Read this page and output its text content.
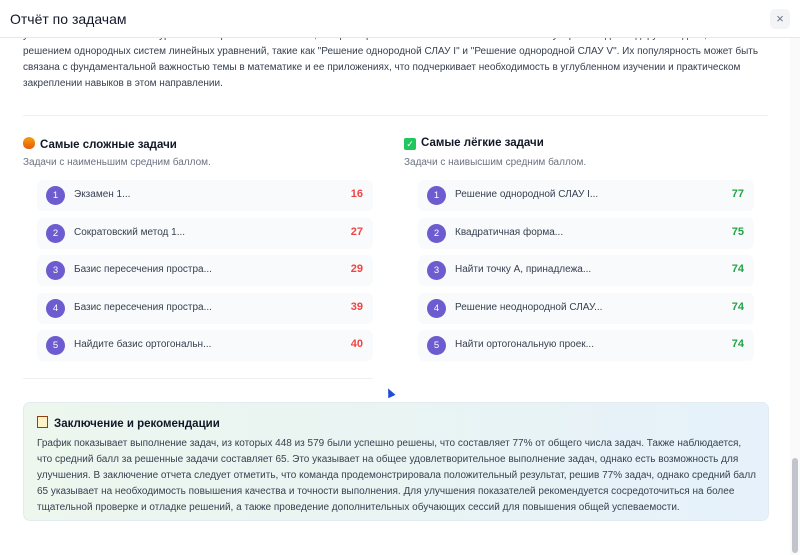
Отчёт по задачам	×
решением однородных систем линейных уравнений, такие как "Решение однородной СЛАУ I" и "Решение однородной СЛАУ V". Их популярность может быть связана с фундаментальной важностью темы в математике и ее приложениях, что подчеркивает необходимость в углубленном изучении и практическом закреплении навыков в этом направлении.
Самые сложные задачи
Задачи с наименьшим средним баллом.
1	Экзамен 1...	16
2	Сократовский метод 1...	27
3	Базис пересечения простра...	29
4	Базис пересечения простра...	39
5	Найдите базис ортогональн...	40
✓ Самые лёгкие задачи
Задачи с наивысшим средним баллом.
1	Решение однородной СЛАУ I...	77
2	Квадратичная форма...	75
3	Найти точку A, принадлежа...	74
4	Решение неоднородной СЛАУ...	74
5	Найти ортогональную проек...	74
Заключение и рекомендации
График показывает выполнение задач, из которых 448 из 579 были успешно решены, что составляет 77% от общего числа задач. Также наблюдается, что средний балл за решенные задачи составляет 65. Это указывает на общее удовлетворительное выполнение задач, однако есть возможность для улучшения. В заключение отчета следует отметить, что команда продемонстрировала положительный результат, решив 77% задач, однако средний балл 65 указывает на необходимость повышения качества и точности выполнения. Для улучшения показателей рекомендуется сосредоточиться на более тщательной проверке и отладке решений, а также проведение дополнительных обучающих сессий для повышения общей успеваемости.
